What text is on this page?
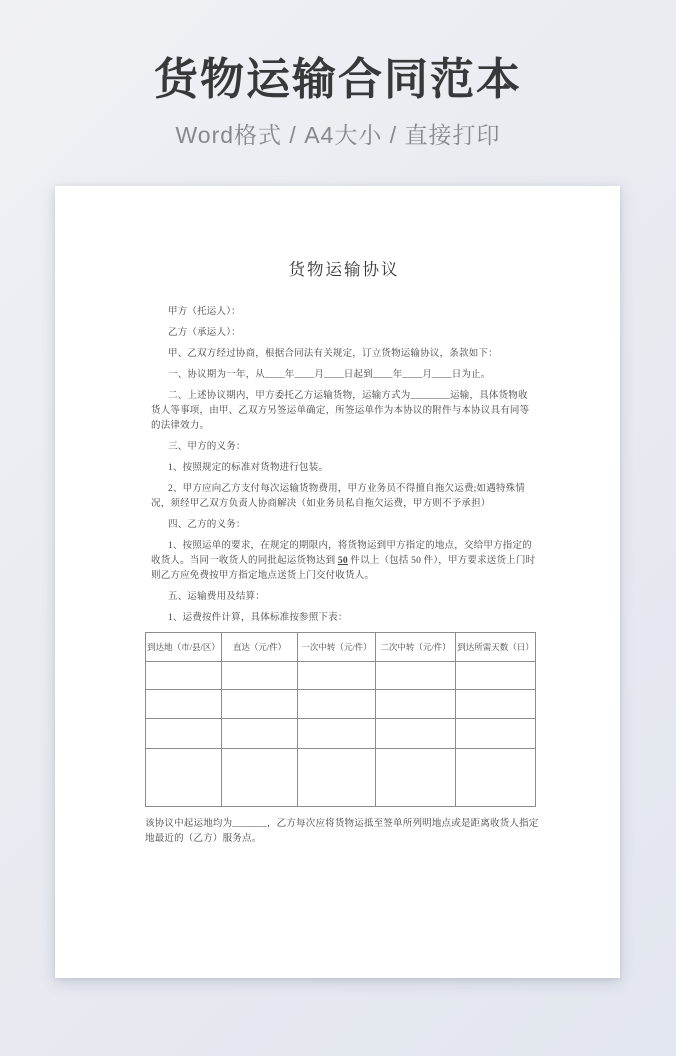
货物运输合同范本

Word格式 / A4大小 / 直接打印

货物运输协议

甲方（托运人）：

乙方（承运人）：

甲、乙双方经过协商，根据合同法有关规定，订立货物运输协议，条款如下：

一、协议期为一年，从____年____月____日起到____年____月____日为止。

二、上述协议期内，甲方委托乙方运输货物，运输方式为________运输，具体货物收货人等事项，由甲、乙双方另签运单确定，所签运单作为本协议的附件与本协议具有同等的法律效力。

三、甲方的义务：

1、按照规定的标准对货物进行包装。

2、甲方应向乙方支付每次运输货物费用，甲方业务员不得擅自拖欠运费;如遇特殊情况，须经甲乙双方负责人协商解决（如业务员私自拖欠运费，甲方则不予承担）

四、乙方的义务：

1、按照运单的要求，在规定的期限内，将货物运到甲方指定的地点，交给甲方指定的收货人。当同一收货人的同批起运货物达到 50 件以上（包括 50 件），甲方要求送货上门时则乙方应免费按甲方指定地点送货上门交付收货人。

五、运输费用及结算：

1、运费按件计算，具体标准按参照下表：

到达地（市/县/区）	直达（元/件）	一次中转（元/件）	二次中转（元/件）	到达所需天数（日）

该协议中起运地均为_______，乙方每次应将货物运抵至签单所列明地点或是距离收货人指定地最近的（乙方）服务点。
